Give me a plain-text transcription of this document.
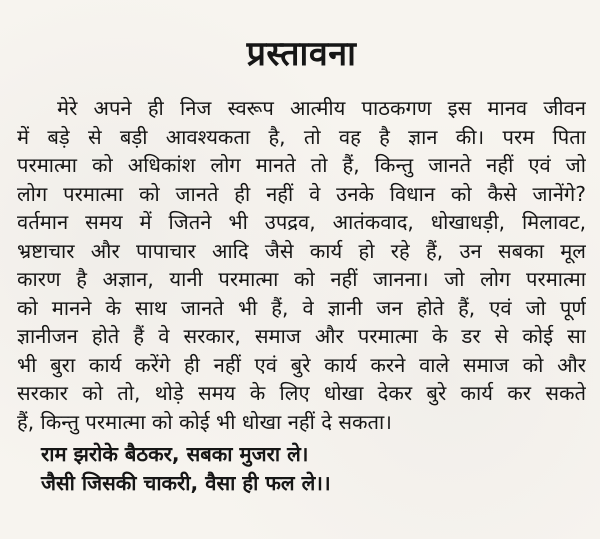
प्रस्तावना
मेरे अपने ही निज स्वरूप आत्मीय पाठकगण इस मानव जीवन
में बड़े से बड़ी आवश्यकता है, तो वह है ज्ञान की। परम पिता
परमात्मा को अधिकांश लोग मानते तो हैं, किन्तु जानते नहीं एवं जो
लोग परमात्मा को जानते ही नहीं वे उनके विधान को कैसे जानेंगे?
वर्तमान समय में जितने भी उपद्रव, आतंकवाद, धोखाधड़ी, मिलावट,
भ्रष्टाचार और पापाचार आदि जैसे कार्य हो रहे हैं, उन सबका मूल
कारण है अज्ञान, यानी परमात्मा को नहीं जानना। जो लोग परमात्मा
को मानने के साथ जानते भी हैं, वे ज्ञानी जन होते हैं, एवं जो पूर्ण
ज्ञानीजन होते हैं वे सरकार, समाज और परमात्मा के डर से कोई सा
भी बुरा कार्य करेंगे ही नहीं एवं बुरे कार्य करने वाले समाज को और
सरकार को तो, थोड़े समय के लिए धोखा देकर बुरे कार्य कर सकते
हैं, किन्तु परमात्मा को कोई भी धोखा नहीं दे सकता।
राम झरोके बैठकर, सबका मुजरा ले।
जैसी जिसकी चाकरी, वैसा ही फल ले।।
